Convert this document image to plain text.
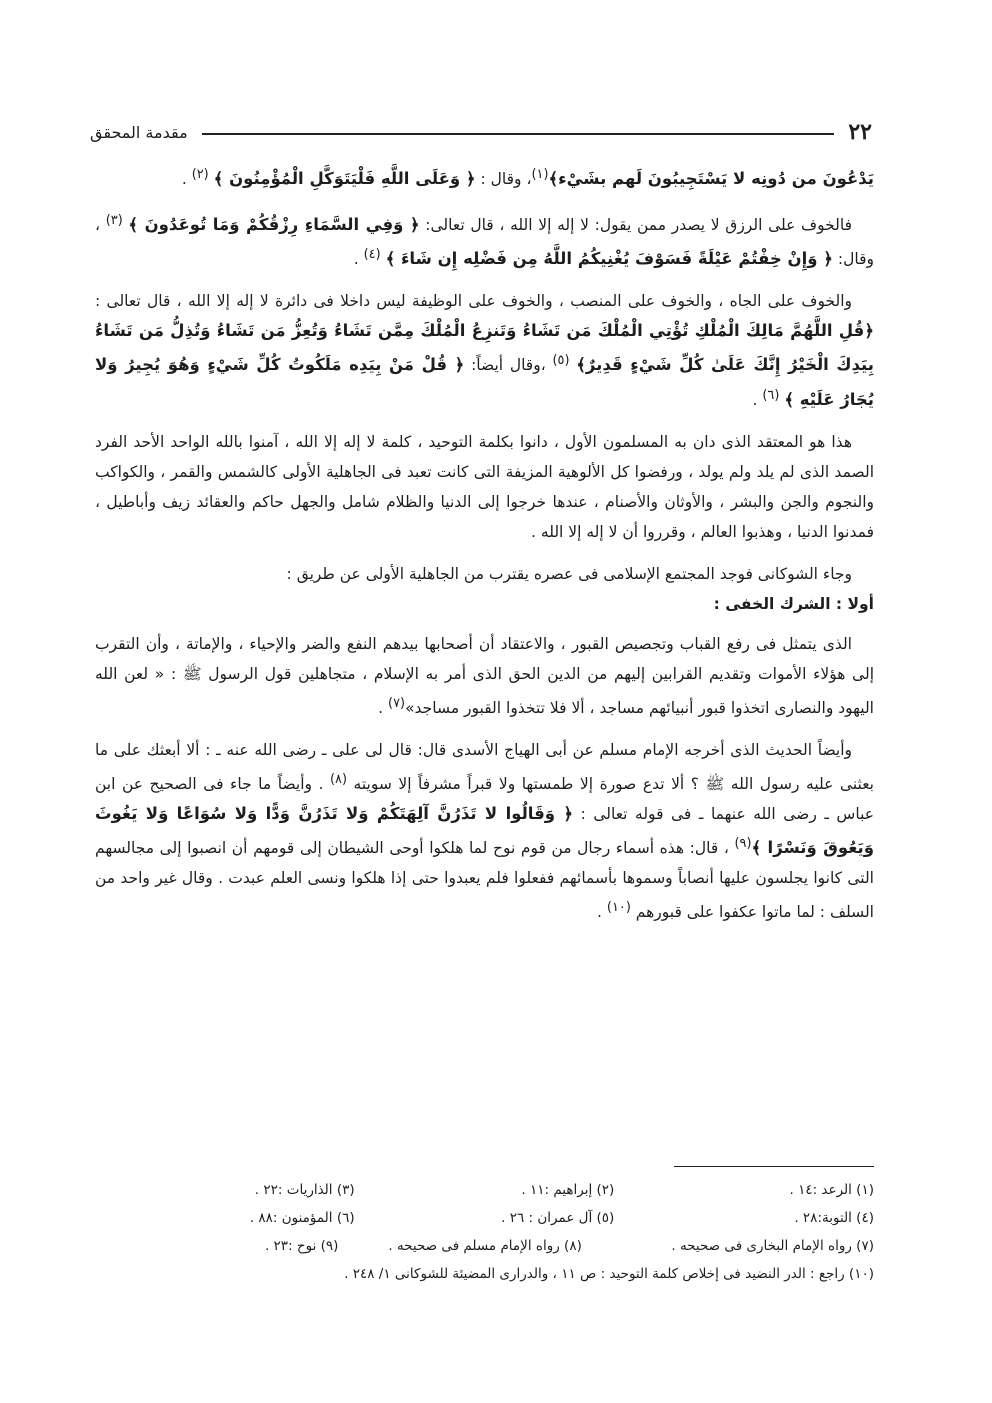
٢٢
مقدمة المحقق

يَدْعُونَ من دُونِه لا يَسْتَجِيبُونَ لَهم بشَيْء﴾$^{(١)}$، وقال : ﴿ وَعَلَى اللَّهِ فَلْيَتَوَكَّلِ الْمُؤْمِنُونَ ﴾ $^{(٢)}$ .

فالخوف على الرزق لا يصدر ممن يقول: لا إله إلا الله ، قال تعالى: ﴿ وَفِي السَّمَاءِ رِزْقُكُمْ وَمَا تُوعَدُونَ ﴾ $^{(٣)}$ ، وقال: ﴿ وَإِنْ خِفْتُمْ عَيْلَةً فَسَوْفَ يُغْنِيكُمُ اللَّهُ مِن فَضْلِه إِن شَاءَ ﴾ $^{(٤)}$ .

والخوف على الجاه ، والخوف على المنصب ، والخوف على الوظيفة ليس داخلا فى دائرة لا إله إلا الله ، قال تعالى : ﴿قُلِ اللَّهُمَّ مَالِكَ الْمُلْكِ تُؤْتِي الْمُلْكَ مَن تَشَاءُ وَتَنزِعُ الْمُلْكَ مِمَّن تَشَاءُ وَتُعِزُّ مَن تَشَاءُ وَتُذِلُّ مَن تَشَاءُ بِيَدِكَ الْخَيْرُ إِنَّكَ عَلَىٰ كُلِّ شَيْءٍ قَدِيرٌ﴾ $^{(٥)}$ ،وقال أيضاً: ﴿ قُلْ مَنْ بِيَدِه مَلَكُوتُ كُلِّ شَيْءٍ وَهُوَ يُجِيرُ وَلا يُجَارُ عَلَيْهِ ﴾ $^{(٦)}$ .

هذا هو المعتقد الذى دان به المسلمون الأول ، دانوا بكلمة التوحيد ، كلمة لا إله إلا الله ، آمنوا بالله الواحد الأحد الفرد الصمد الذى لم يلد ولم يولد ، ورفضوا كل الألوهية المزيفة التى كانت تعبد فى الجاهلية الأولى كالشمس والقمر ، والكواكب والنجوم والجن والبشر ، والأوثان والأصنام ، عندها خرجوا إلى الدنيا والظلام شامل والجهل حاكم والعقائد زيف وأباطيل ، فمدنوا الدنيا ، وهذبوا العالم ، وقرروا أن لا إله إلا الله .

وجاء الشوكانى فوجد المجتمع الإسلامى فى عصره يقترب من الجاهلية الأولى عن طريق :

أولا : الشرك الخفى :

الذى يتمثل فى رفع القباب وتجصيص القبور ، والاعتقاد أن أصحابها بيدهم النفع والضر والإحياء ، والإماتة ، وأن التقرب إلى هؤلاء الأموات وتقديم القرابين إليهم من الدين الحق الذى أمر به الإسلام ، متجاهلين قول الرسول ﷺ : « لعن الله اليهود والنصارى اتخذوا قبور أنبيائهم مساجد ، ألا فلا تتخذوا القبور مساجد»$^{(٧)}$ .

وأيضاً الحديث الذى أخرجه الإمام مسلم عن أبى الهياج الأسدى قال: قال لى على ـ رضى الله عنه ـ : ألا أبعثك على ما بعثنى عليه رسول الله ﷺ ؟ ألا تدع صورة إلا طمستها ولا قبراً مشرفاً إلا سويته $^{(٨)}$ . وأيضاً ما جاء فى الصحيح عن ابن عباس ـ رضى الله عنهما ـ فى قوله تعالى : ﴿ وَقَالُوا لا تَذَرُنَّ آلِهَتَكُمْ وَلا تَذَرُنَّ وَدًّا وَلا سُوَاعًا وَلا يَغُوثَ وَيَعُوقَ وَنَسْرًا ﴾$^{(٩)}$ ، قال: هذه أسماء رجال من قوم نوح لما هلكوا أوحى الشيطان إلى قومهم أن انصبوا إلى مجالسهم التى كانوا يجلسون عليها أنصاباً وسموها بأسمائهم ففعلوا فلم يعبدوا حتى إذا هلكوا ونسى العلم عبدت . وقال غير واحد من السلف : لما ماتوا عكفوا على قبورهم $^{(١٠)}$ .

(١) الرعد :١٤ .
(٢) إبراهيم :١١ .
(٣) الذاريات :٢٢ .
(٤) التوبة:٢٨ .
(٥) آل عمران : ٢٦ .
(٦) المؤمنون :٨٨ .
(٧) رواه الإمام البخارى فى صحيحه .
(٨) رواه الإمام مسلم فى صحيحه .
(٩) نوح :٢٣ .
(١٠) راجع : الدر النضيد فى إخلاص كلمة التوحيد : ص ١١ ، والدرارى المضيئة للشوكانى ١/ ٢٤٨ .
